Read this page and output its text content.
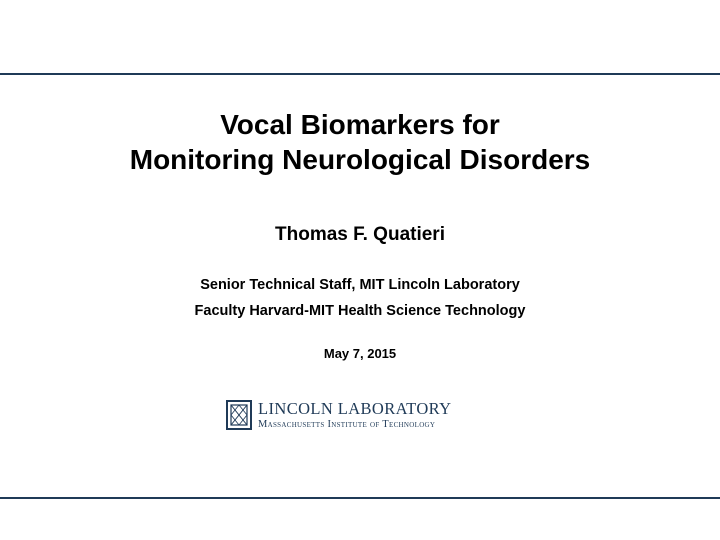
Vocal Biomarkers for
Monitoring Neurological Disorders
Thomas F. Quatieri
Senior Technical Staff, MIT Lincoln Laboratory
Faculty Harvard-MIT Health Science Technology
May 7, 2015
LINCOLN LABORATORY
Massachusetts Institute of Technology
